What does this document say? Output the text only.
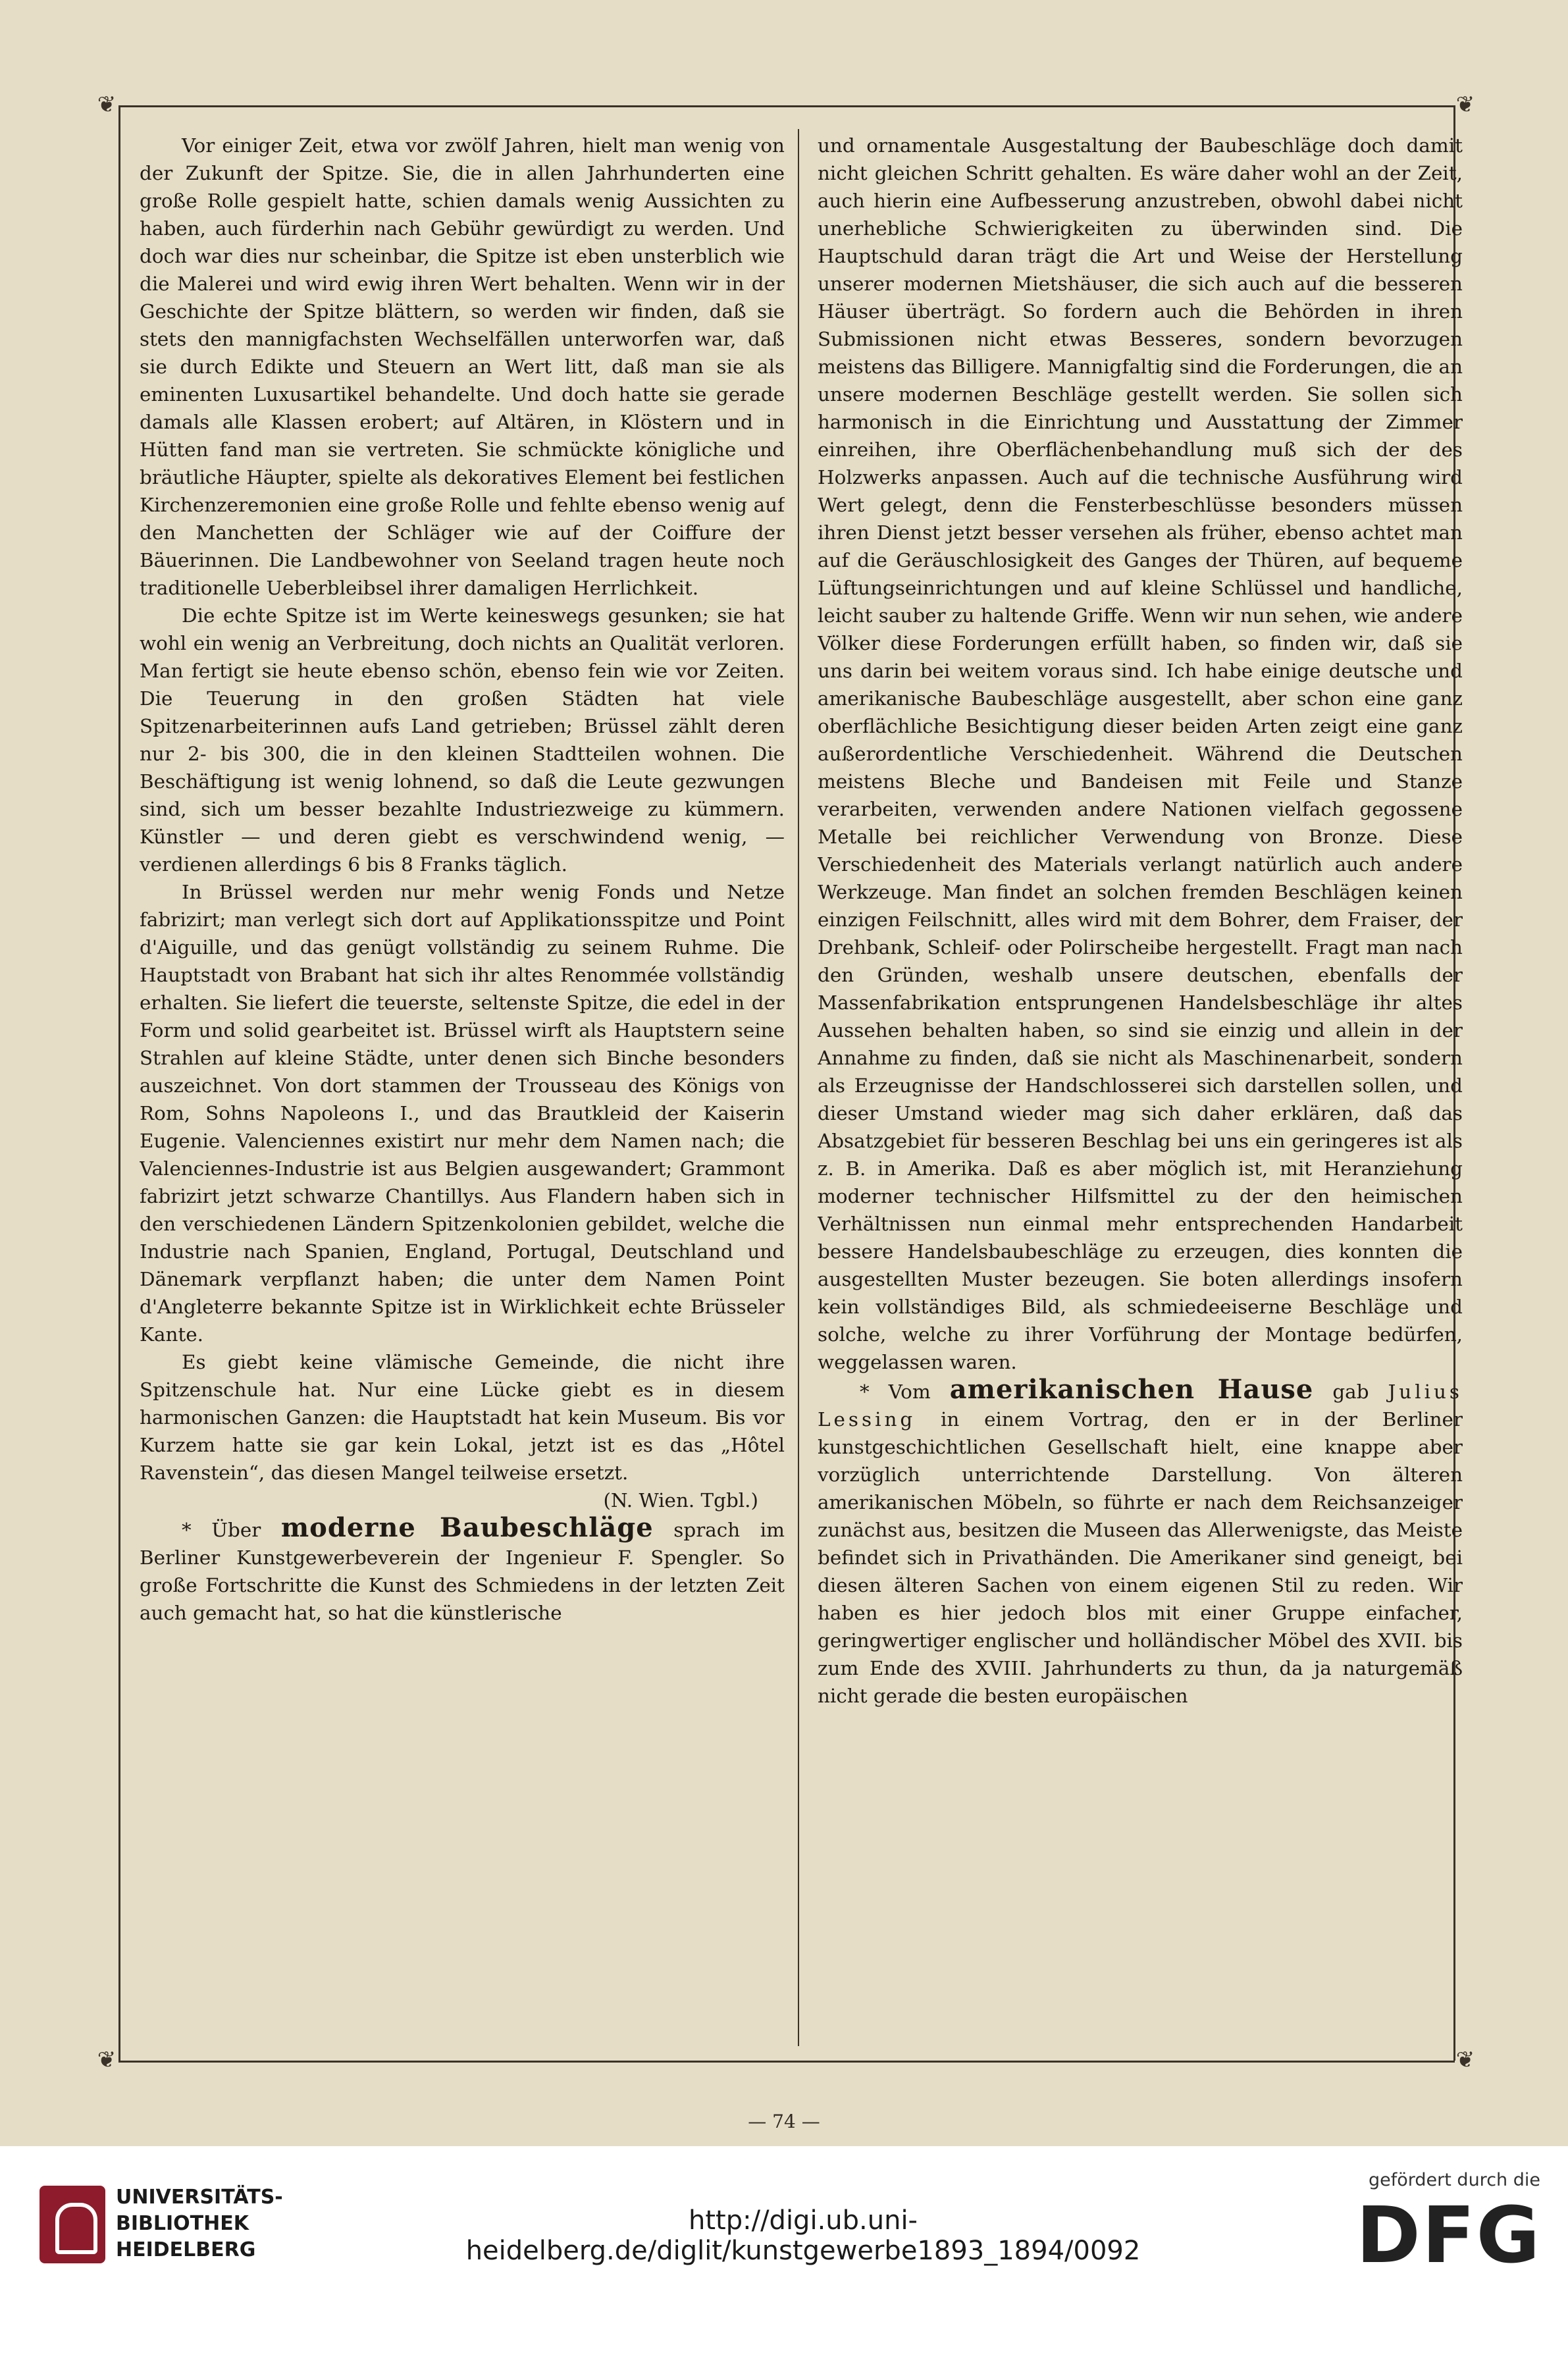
❦	❦
❦	❦

Vor einiger Zeit, etwa vor zwölf Jahren, hielt man wenig von der Zukunft der Spitze. Sie, die in allen Jahrhunderten eine große Rolle gespielt hatte, schien damals wenig Aussichten zu haben, auch fürderhin nach Gebühr gewürdigt zu werden. Und doch war dies nur scheinbar, die Spitze ist eben unsterblich wie die Malerei und wird ewig ihren Wert behalten. Wenn wir in der Geschichte der Spitze blättern, so werden wir finden, daß sie stets den mannigfachsten Wechselfällen unterworfen war, daß sie durch Edikte und Steuern an Wert litt, daß man sie als eminenten Luxusartikel behandelte. Und doch hatte sie gerade damals alle Klassen erobert; auf Altären, in Klöstern und in Hütten fand man sie vertreten. Sie schmückte königliche und bräutliche Häupter, spielte als dekoratives Element bei festlichen Kirchenzeremonien eine große Rolle und fehlte ebenso wenig auf den Manchetten der Schläger wie auf der Coiffure der Bäuerinnen. Die Landbewohner von Seeland tragen heute noch traditionelle Ueberbleibsel ihrer damaligen Herrlichkeit.

Die echte Spitze ist im Werte keineswegs gesunken; sie hat wohl ein wenig an Verbreitung, doch nichts an Qualität verloren. Man fertigt sie heute ebenso schön, ebenso fein wie vor Zeiten. Die Teuerung in den großen Städten hat viele Spitzenarbeiterinnen aufs Land getrieben; Brüssel zählt deren nur 2- bis 300, die in den kleinen Stadtteilen wohnen. Die Beschäftigung ist wenig lohnend, so daß die Leute gezwungen sind, sich um besser bezahlte Industriezweige zu kümmern. Künstler — und deren giebt es verschwindend wenig, — verdienen allerdings 6 bis 8 Franks täglich.

In Brüssel werden nur mehr wenig Fonds und Netze fabrizirt; man verlegt sich dort auf Applikationsspitze und Point d'Aiguille, und das genügt vollständig zu seinem Ruhme. Die Hauptstadt von Brabant hat sich ihr altes Renommée vollständig erhalten. Sie liefert die teuerste, seltenste Spitze, die edel in der Form und solid gearbeitet ist. Brüssel wirft als Hauptstern seine Strahlen auf kleine Städte, unter denen sich Binche besonders auszeichnet. Von dort stammen der Trousseau des Königs von Rom, Sohns Napoleons I., und das Brautkleid der Kaiserin Eugenie. Valenciennes existirt nur mehr dem Namen nach; die Valenciennes-Industrie ist aus Belgien ausgewandert; Grammont fabrizirt jetzt schwarze Chantillys. Aus Flandern haben sich in den verschiedenen Ländern Spitzenkolonien gebildet, welche die Industrie nach Spanien, England, Portugal, Deutschland und Dänemark verpflanzt haben; die unter dem Namen Point d'Angleterre bekannte Spitze ist in Wirklichkeit echte Brüsseler Kante.

Es giebt keine vlämische Gemeinde, die nicht ihre Spitzenschule hat. Nur eine Lücke giebt es in diesem harmonischen Ganzen: die Hauptstadt hat kein Museum. Bis vor Kurzem hatte sie gar kein Lokal, jetzt ist es das „Hôtel Ravenstein“, das diesen Mangel teilweise ersetzt.

(N. Wien. Tgbl.)

* Über moderne Baubeschläge sprach im Berliner Kunstgewerbeverein der Ingenieur F. Spengler. So große Fortschritte die Kunst des Schmiedens in der letzten Zeit auch gemacht hat, so hat die künstlerische

und ornamentale Ausgestaltung der Baubeschläge doch damit nicht gleichen Schritt gehalten. Es wäre daher wohl an der Zeit, auch hierin eine Aufbesserung anzustreben, obwohl dabei nicht unerhebliche Schwierigkeiten zu überwinden sind. Die Hauptschuld daran trägt die Art und Weise der Herstellung unserer modernen Mietshäuser, die sich auch auf die besseren Häuser überträgt. So fordern auch die Behörden in ihren Submissionen nicht etwas Besseres, sondern bevorzugen meistens das Billigere. Mannigfaltig sind die Forderungen, die an unsere modernen Beschläge gestellt werden. Sie sollen sich harmonisch in die Einrichtung und Ausstattung der Zimmer einreihen, ihre Oberflächenbehandlung muß sich der des Holzwerks anpassen. Auch auf die technische Ausführung wird Wert gelegt, denn die Fensterbeschlüsse besonders müssen ihren Dienst jetzt besser versehen als früher, ebenso achtet man auf die Geräuschlosigkeit des Ganges der Thüren, auf bequeme Lüftungseinrichtungen und auf kleine Schlüssel und handliche, leicht sauber zu haltende Griffe. Wenn wir nun sehen, wie andere Völker diese Forderungen erfüllt haben, so finden wir, daß sie uns darin bei weitem voraus sind. Ich habe einige deutsche und amerikanische Baubeschläge ausgestellt, aber schon eine ganz oberflächliche Besichtigung dieser beiden Arten zeigt eine ganz außerordentliche Verschiedenheit. Während die Deutschen meistens Bleche und Bandeisen mit Feile und Stanze verarbeiten, verwenden andere Nationen vielfach gegossene Metalle bei reichlicher Verwendung von Bronze. Diese Verschiedenheit des Materials verlangt natürlich auch andere Werkzeuge. Man findet an solchen fremden Beschlägen keinen einzigen Feilschnitt, alles wird mit dem Bohrer, dem Fraiser, der Drehbank, Schleif- oder Polirscheibe hergestellt. Fragt man nach den Gründen, weshalb unsere deutschen, ebenfalls der Massenfabrikation entsprungenen Handelsbeschläge ihr altes Aussehen behalten haben, so sind sie einzig und allein in der Annahme zu finden, daß sie nicht als Maschinenarbeit, sondern als Erzeugnisse der Handschlosserei sich darstellen sollen, und dieser Umstand wieder mag sich daher erklären, daß das Absatzgebiet für besseren Beschlag bei uns ein geringeres ist als z. B. in Amerika. Daß es aber möglich ist, mit Heranziehung moderner technischer Hilfsmittel zu der den heimischen Verhältnissen nun einmal mehr entsprechenden Handarbeit bessere Handelsbaubeschläge zu erzeugen, dies konnten die ausgestellten Muster bezeugen. Sie boten allerdings insofern kein vollständiges Bild, als schmiedeeiserne Beschläge und solche, welche zu ihrer Vorführung der Montage bedürfen, weggelassen waren.

* Vom amerikanischen Hause gab Julius Lessing in einem Vortrag, den er in der Berliner kunstgeschichtlichen Gesellschaft hielt, eine knappe aber vorzüglich unterrichtende Darstellung. Von älteren amerikanischen Möbeln, so führte er nach dem Reichsanzeiger zunächst aus, besitzen die Museen das Allerwenigste, das Meiste befindet sich in Privathänden. Die Amerikaner sind geneigt, bei diesen älteren Sachen von einem eigenen Stil zu reden. Wir haben es hier jedoch blos mit einer Gruppe einfacher, geringwertiger englischer und holländischer Möbel des XVII. bis zum Ende des XVIII. Jahrhunderts zu thun, da ja naturgemäß nicht gerade die besten europäischen

— 74 —
UNIVERSITÄTS-
BIBLIOTHEK
HEIDELBERG
http://digi.ub.uni-heidelberg.de/diglit/kunstgewerbe1893_1894/0092
gefördert durch die
DFG
